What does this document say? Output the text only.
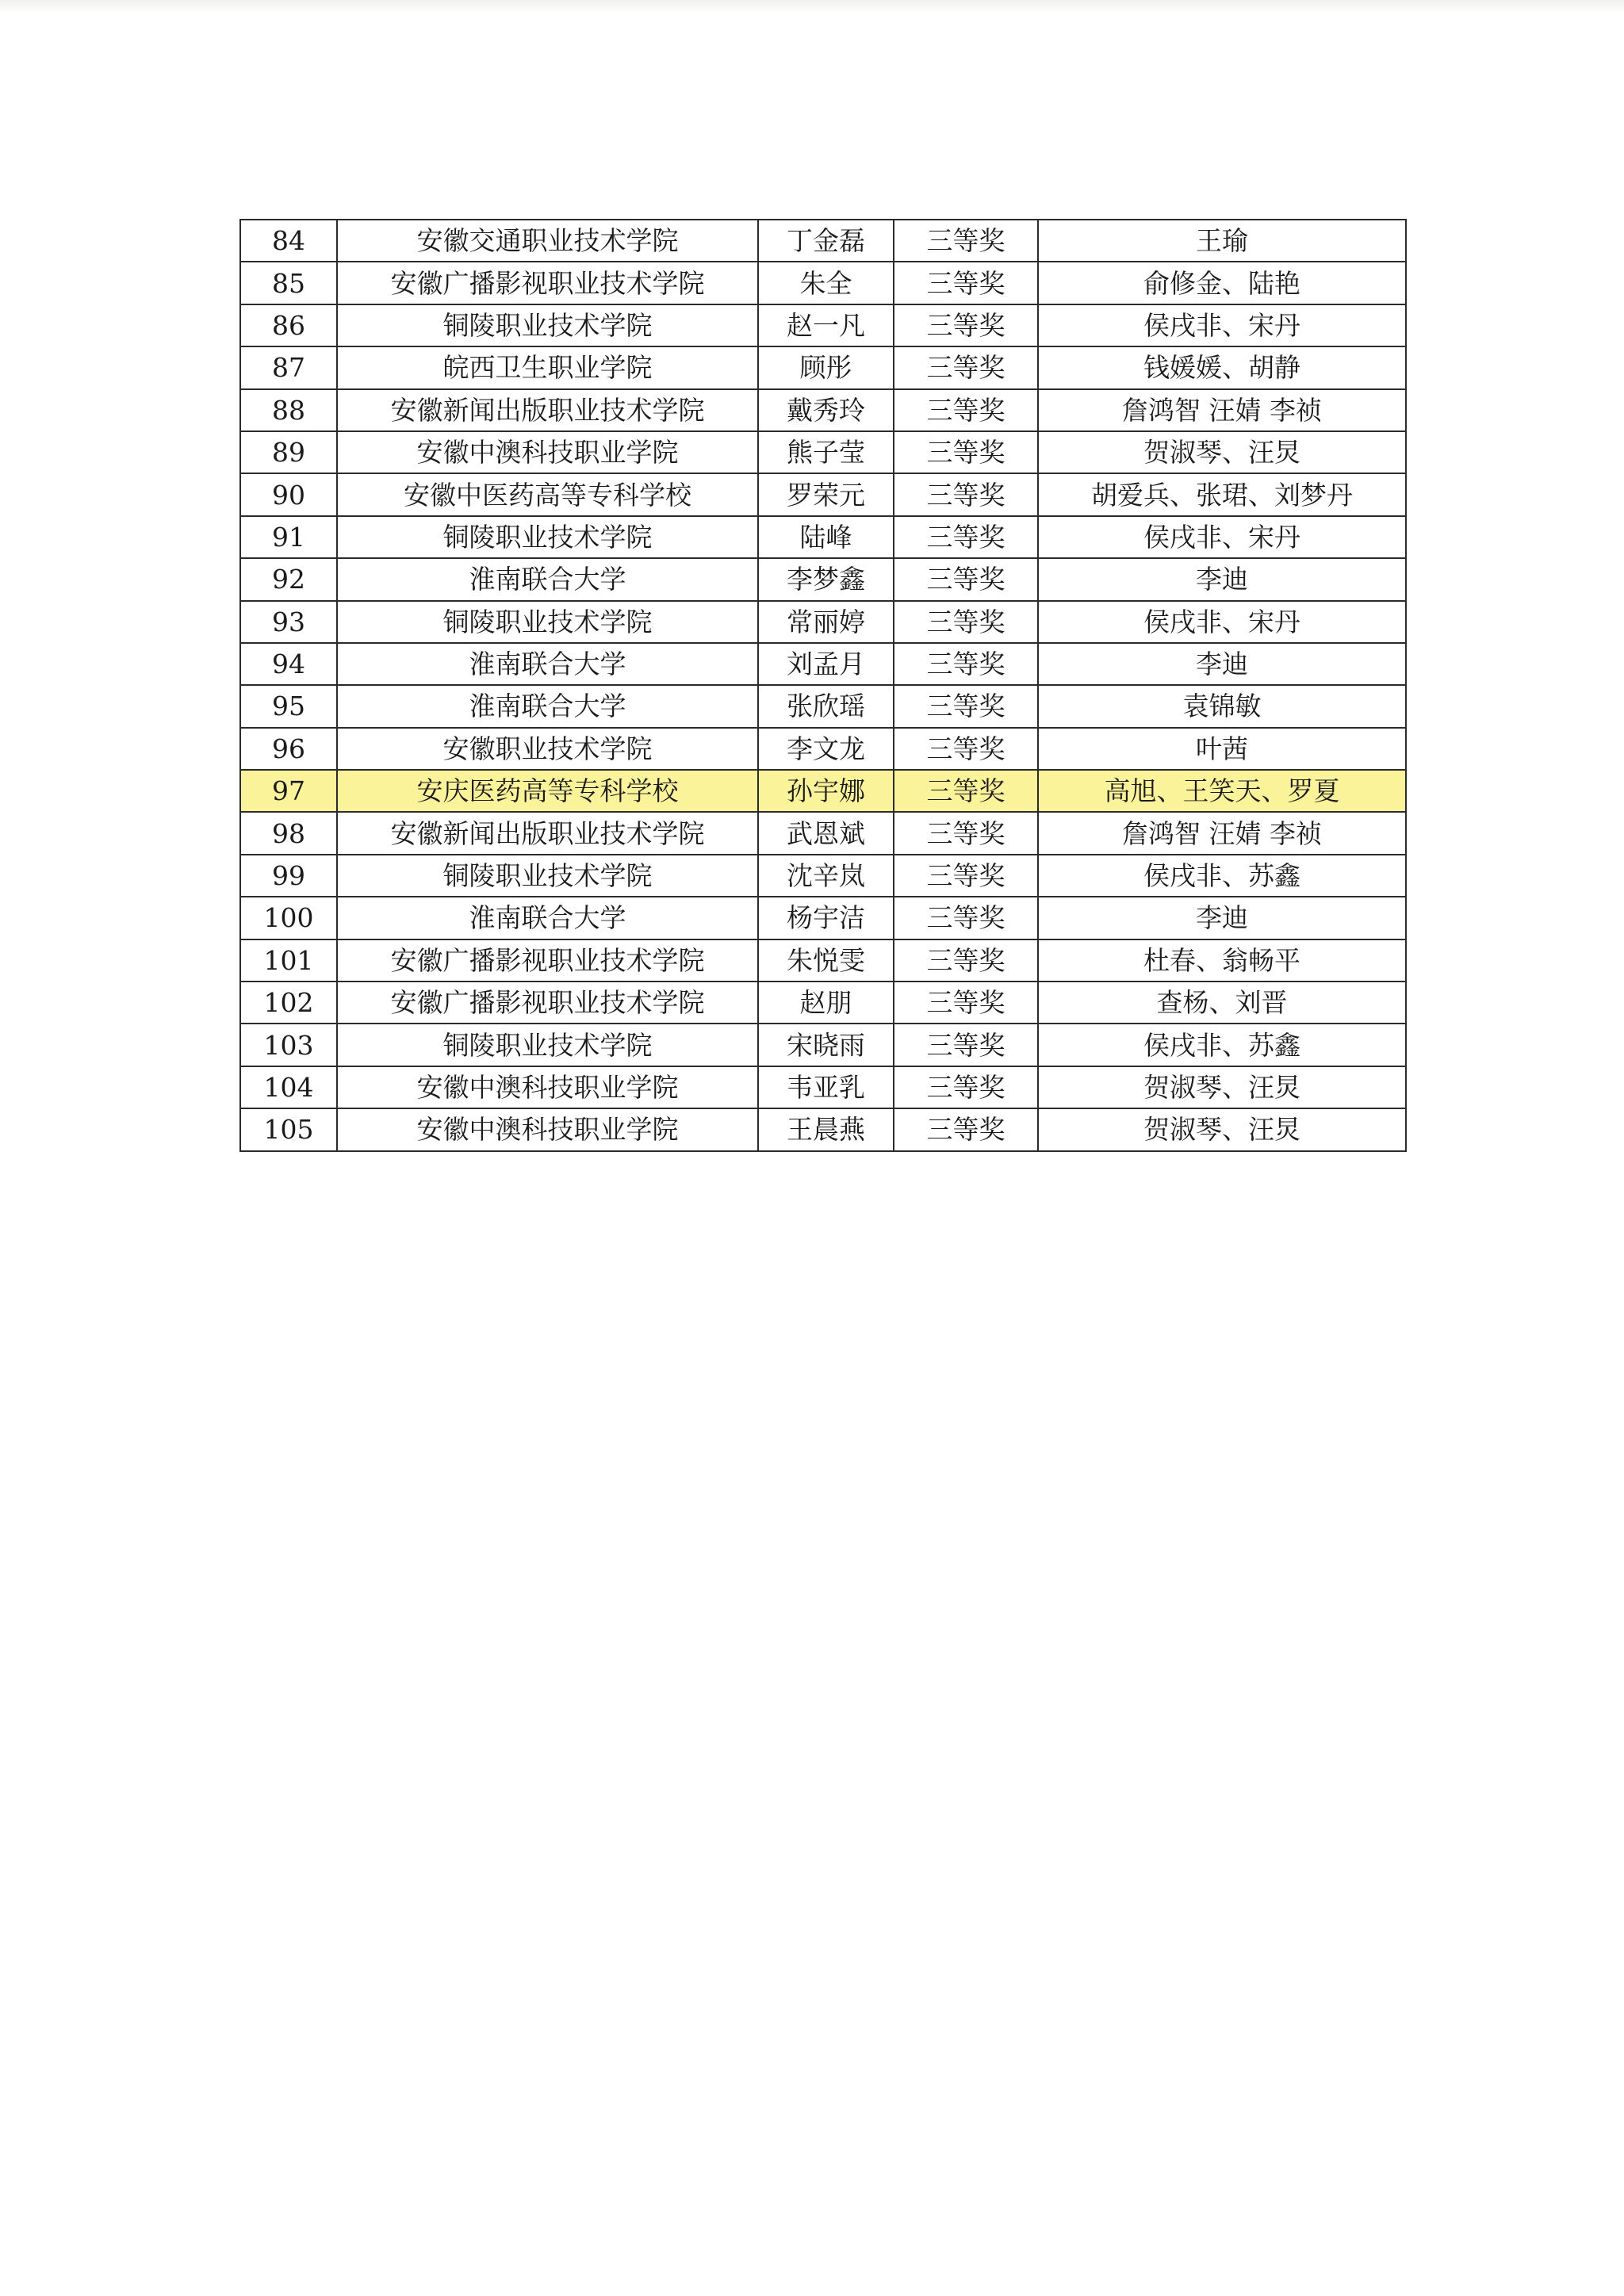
84	安徽交通职业技术学院	丁金磊	三等奖	王瑜
85	安徽广播影视职业技术学院	朱全	三等奖	俞修金、陆艳
86	铜陵职业技术学院	赵一凡	三等奖	侯戌非、宋丹
87	皖西卫生职业学院	顾彤	三等奖	钱媛媛、胡静
88	安徽新闻出版职业技术学院	戴秀玲	三等奖	詹鸿智 汪婧 李祯
89	安徽中澳科技职业学院	熊子莹	三等奖	贺淑琴、汪炅
90	安徽中医药高等专科学校	罗荣元	三等奖	胡爱兵、张珺、刘梦丹
91	铜陵职业技术学院	陆峰	三等奖	侯戌非、宋丹
92	淮南联合大学	李梦鑫	三等奖	李迪
93	铜陵职业技术学院	常丽婷	三等奖	侯戌非、宋丹
94	淮南联合大学	刘孟月	三等奖	李迪
95	淮南联合大学	张欣瑶	三等奖	袁锦敏
96	安徽职业技术学院	李文龙	三等奖	叶茜
97	安庆医药高等专科学校	孙宇娜	三等奖	高旭、王笑天、罗夏
98	安徽新闻出版职业技术学院	武恩斌	三等奖	詹鸿智 汪婧 李祯
99	铜陵职业技术学院	沈辛岚	三等奖	侯戌非、苏鑫
100	淮南联合大学	杨宇洁	三等奖	李迪
101	安徽广播影视职业技术学院	朱悦雯	三等奖	杜春、翁畅平
102	安徽广播影视职业技术学院	赵朋	三等奖	查杨、刘晋
103	铜陵职业技术学院	宋晓雨	三等奖	侯戌非、苏鑫
104	安徽中澳科技职业学院	韦亚乳	三等奖	贺淑琴、汪炅
105	安徽中澳科技职业学院	王晨燕	三等奖	贺淑琴、汪炅
